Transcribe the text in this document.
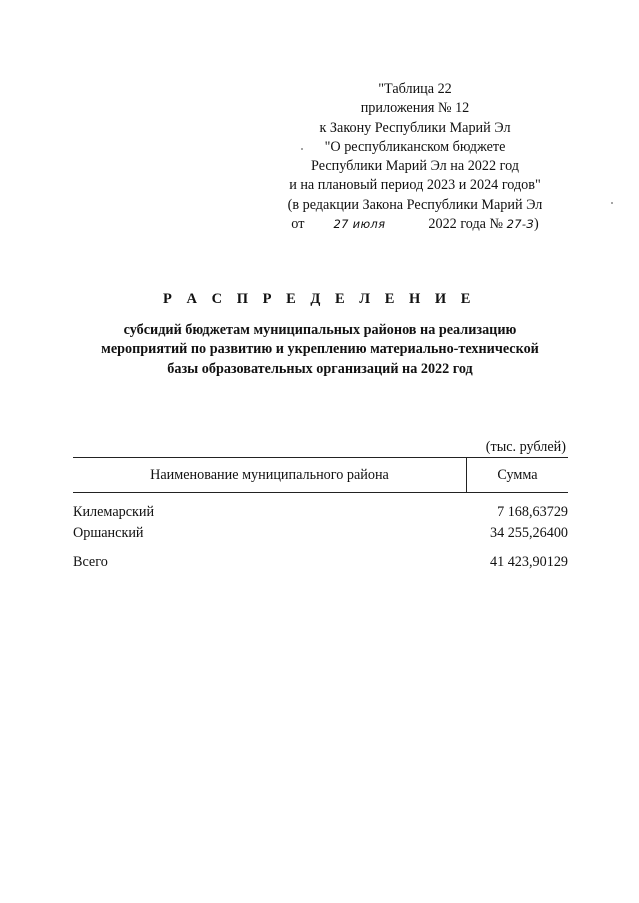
"Таблица 22
приложения № 12
к Закону Республики Марий Эл
"О республиканском бюджете
Республики Марий Эл на 2022 год
и на плановый период 2023 и 2024 годов"
(в редакции Закона Республики Марий Эл
от	27 июля	2022 года № 27-З)
Р А С П Р Е Д Е Л Е Н И Е
субсидий бюджетам муниципальных районов на реализацию
мероприятий по развитию и укреплению материально-технической
базы образовательных организаций на 2022 год
(тыс. рублей)
Наименование муниципального района	Сумма
Килемарский	7 168,63729
Оршанский	34 255,26400
Всего	41 423,90129
